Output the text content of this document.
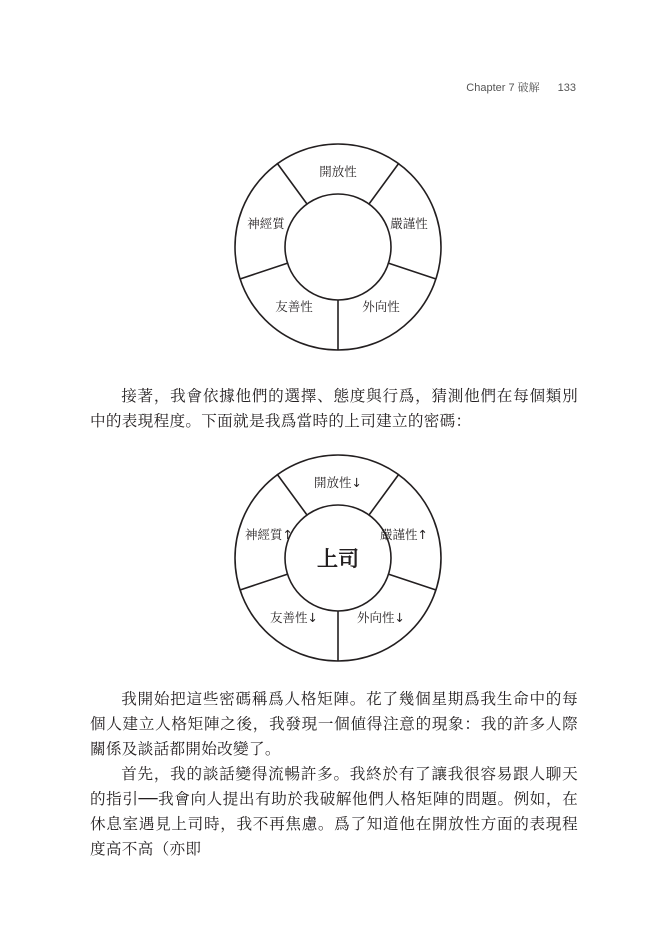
Chapter 7 破解 133
開放性
嚴謹性
外向性
友善性
神經質

接著，我會依據他們的選擇、態度與行爲，猜測他們在每個類別中的表現程度。下面就是我爲當時的上司建立的密碼：

上司
開放性↓
嚴謹性↑
外向性↓
友善性↓
神經質↑

我開始把這些密碼稱爲人格矩陣。花了幾個星期爲我生命中的每個人建立人格矩陣之後，我發現一個値得注意的現象：我的許多人際關係及談話都開始改變了。

首先，我的談話變得流暢許多。我終於有了讓我很容易跟人聊天的指引──我會向人提出有助於我破解他們人格矩陣的問題。例如，在休息室遇見上司時，我不再焦慮。爲了知道他在開放性方面的表現程度高不高（亦即
